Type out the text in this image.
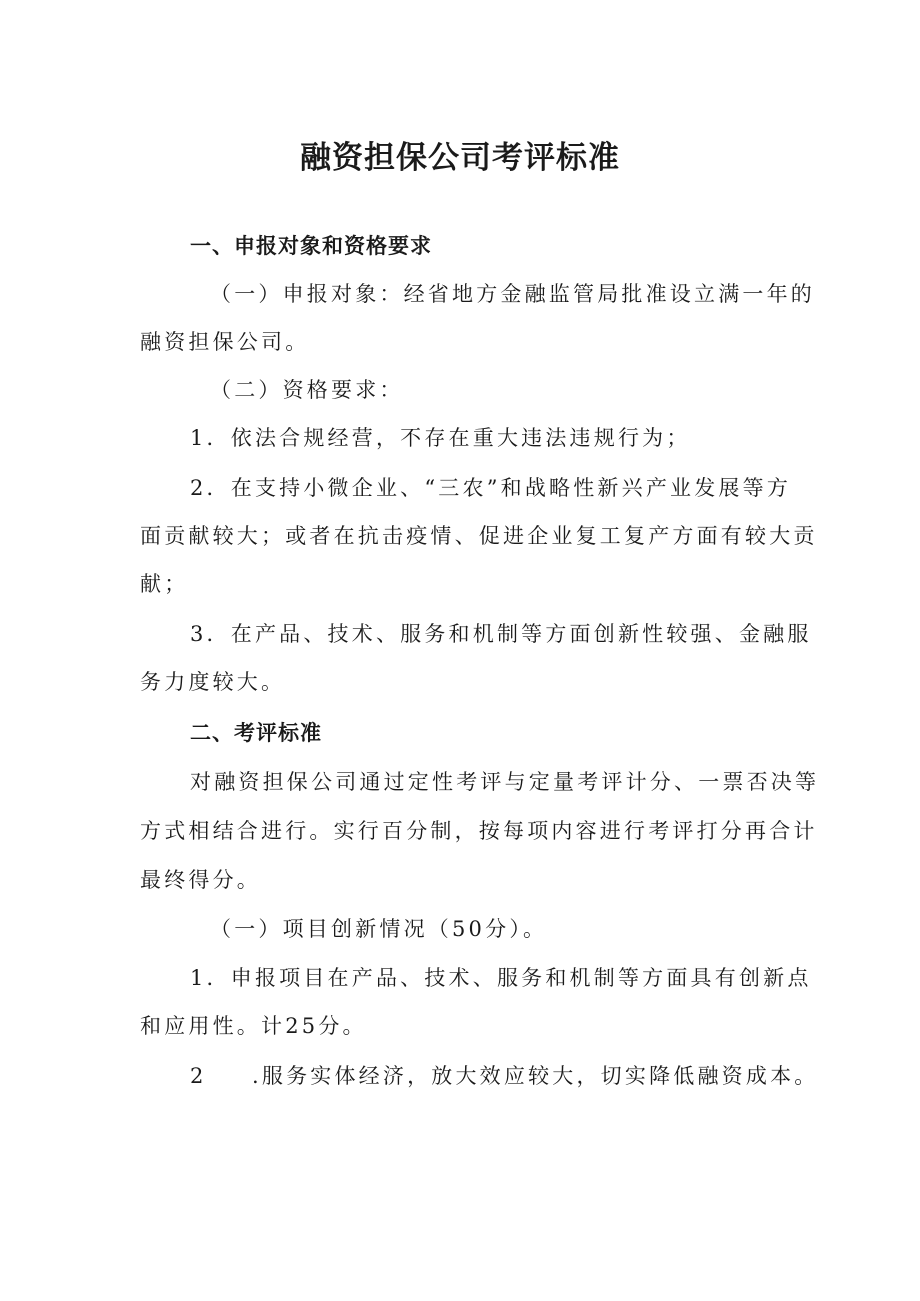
融资担保公司考评标准
一、申报对象和资格要求
（一）申报对象：经省地方金融监管局批准设立满一年的
融资担保公司。
（二）资格要求：
1．依法合规经营，不存在重大违法违规行为；
2．在支持小微企业、“三农”和战略性新兴产业发展等方
面贡献较大；或者在抗击疫情、促进企业复工复产方面有较大贡
献；
3．在产品、技术、服务和机制等方面创新性较强、金融服
务力度较大。
二、考评标准
对融资担保公司通过定性考评与定量考评计分、一票否决等
方式相结合进行。实行百分制，按每项内容进行考评打分再合计
最终得分。
（一）项目创新情况（50分）。
1．申报项目在产品、技术、服务和机制等方面具有创新点
和应用性。计25分。
2 .服务实体经济，放大效应较大，切实降低融资成本。
